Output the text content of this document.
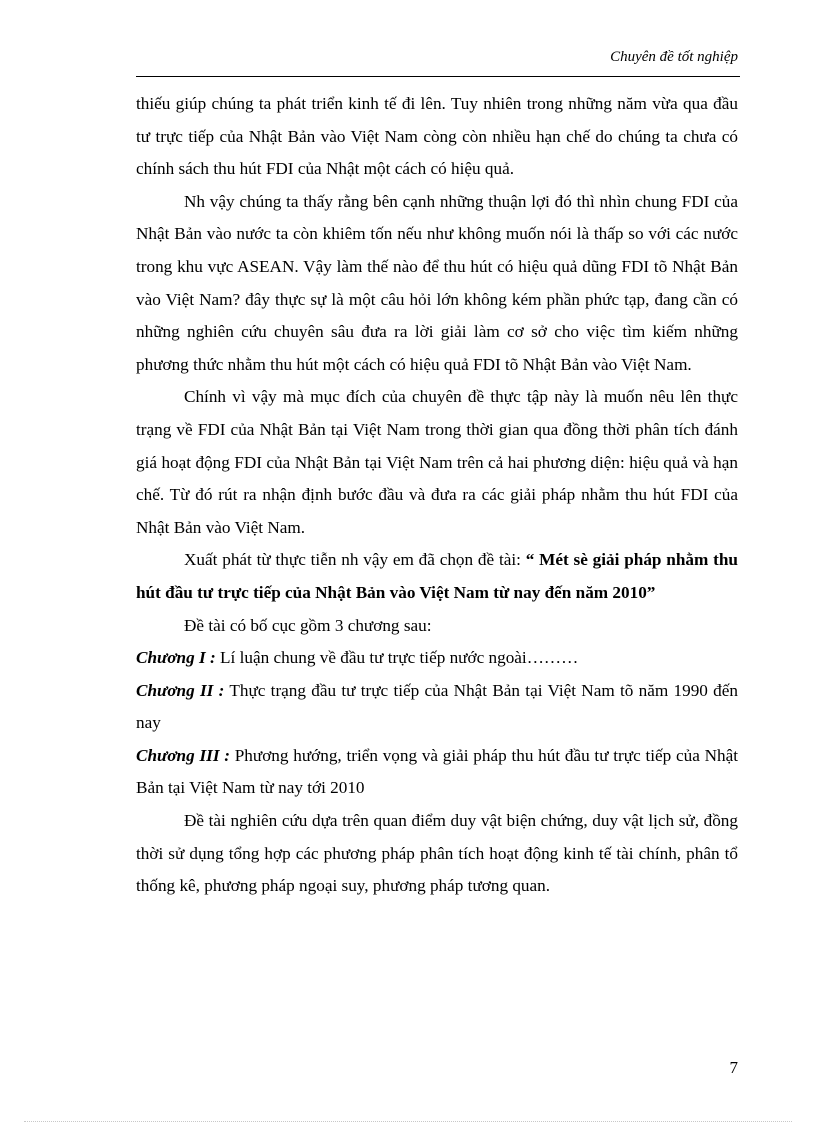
Chuyên đề tốt nghiệp

thiếu giúp chúng ta phát triển kinh tế đi lên. Tuy nhiên trong những năm vừa qua đầu tư trực tiếp của Nhật Bản vào Việt Nam còng còn nhiều hạn chế do chúng ta chưa có chính sách thu hút FDI của Nhật một cách có hiệu quả.

Nh vậy chúng ta thấy rằng bên cạnh những thuận lợi đó thì nhìn chung FDI của Nhật Bản vào nước ta còn khiêm tốn nếu như không muốn nói là thấp so với các nước trong khu vực ASEAN. Vậy làm thế nào để thu hút có hiệu quả dũng FDI tõ Nhật Bản vào Việt Nam? đây thực sự là một câu hỏi lớn không kém phần phức tạp, đang cần có những nghiên cứu chuyên sâu đưa ra lời giải làm cơ sở cho việc tìm kiếm những phương thức nhằm thu hút một cách có hiệu quả FDI tõ Nhật Bản vào Việt Nam.

Chính vì vậy mà mục đích của chuyên đề thực tập này là muốn nêu lên thực trạng về FDI của Nhật Bản tại Việt Nam trong thời gian qua đồng thời phân tích đánh giá hoạt động FDI của Nhật Bản tại Việt Nam trên cả hai phương diện: hiệu quả và hạn chế. Từ đó rút ra nhận định bước đầu và đưa ra các giải pháp nhằm thu hút FDI của Nhật Bản vào Việt Nam.

Xuất phát từ thực tiễn nh vậy em đã chọn đề tài: “ Mét sè giải pháp nhằm thu hút đầu tư trực tiếp của Nhật Bản vào Việt Nam từ nay đến năm 2010”

Đề tài có bố cục gồm 3 chương sau:

Chương I : Lí luận chung về đầu tư trực tiếp nước ngoài………

Chương II : Thực trạng đầu tư trực tiếp của Nhật Bản tại Việt Nam tõ năm 1990 đến nay

Chương III : Phương hướng, triển vọng và giải pháp thu hút đầu tư trực tiếp của Nhật Bản tại Việt Nam từ nay tới 2010

Đề tài nghiên cứu dựa trên quan điểm duy vật biện chứng, duy vật lịch sử, đồng thời sử dụng tổng hợp các phương pháp phân tích hoạt động kinh tế tài chính, phân tổ thống kê, phương pháp ngoại suy, phương pháp tương quan.

7
